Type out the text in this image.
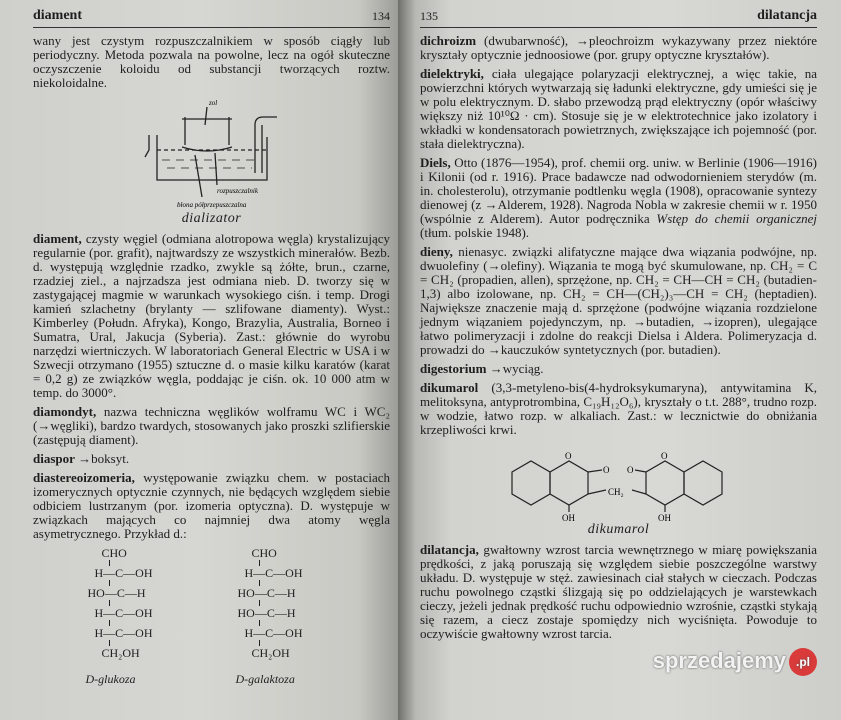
diament	134
wany jest czystym rozpuszczalnikiem w sposób ciągły lub periodyczny. Metoda pozwala na powolne, lecz na ogół skuteczne oczyszczenie koloidu od substancji tworzących roztw. niekoloidalne.
zol
rozpuszczalnik
błona półprzepuszczalna
dializator
diament, czysty węgiel (odmiana alotropowa węgla) krystalizujący regularnie (por. grafit), najtwardszy ze wszystkich minerałów. Bezb. d. występują względnie rzadko, zwykle są żółte, brun., czarne, rzadziej ziel., a najrzadsza jest odmiana nieb. D. tworzy się w zastygającej magmie w warunkach wysokiego ciśn. i temp. Drogi kamień szlachetny (brylanty — szlifowane diamenty). Wyst.: Kimberley (Połudn. Afryka), Kongo, Brazylia, Australia, Borneo i Sumatra, Ural, Jakucja (Syberia). Zast.: głównie do wyrobu narzędzi wiertniczych. W laboratoriach General Electric w USA i w Szwecji otrzymano (1955) sztuczne d. o masie kilku karatów (karat = 0,2 g) ze związków węgla, poddając je ciśn. ok. 10 000 atm w temp. do 3000°.
diamondyt, nazwa techniczna węglików wolframu WC i WC₂ (→węgliki), bardzo twardych, stosowanych jako proszki szlifierskie (zastępują diament).
diaspor →boksyt.
diastereoizomeria, występowanie związku chem. w postaciach izomerycznych optycznie czynnych, nie będących względem siebie odbiciem lustrzanym (por. izomeria optyczna). D. występuje w związkach mających co najmniej dwa atomy węgla asymetrycznego. Przykład d.:
CHO
H—C—OH
HO—C—H
H—C—OH
H—C—OH
CH₂OH
D-glukoza
CHO
H—C—OH
HO—C—H
HO—C—H
H—C—OH
CH₂OH
D-galaktoza
135	dilatancja
dichroizm (dwubarwność), →pleochroizm wykazywany przez niektóre kryształy optycznie jednoosiowe (por. grupy optyczne kryształów).
dielektryki, ciała ulegające polaryzacji elektrycznej, a więc takie, na powierzchni których wytwarzają się ładunki elektryczne, gdy umieści się je w polu elektrycznym. D. słabo przewodzą prąd elektryczny (opór właściwy większy niż 10¹⁰Ω · cm). Stosuje się je w elektrotechnice jako izolatory i wkładki w kondensatorach powietrznych, zwiększające ich pojemność (por. stała dielektryczna).
Diels, Otto (1876—1954), prof. chemii org. uniw. w Berlinie (1906—1916) i Kilonii (od r. 1916). Prace badawcze nad odwodornieniem sterydów (m. in. cholesterolu), otrzymanie podtlenku węgla (1908), opracowanie syntezy dienowej (z →Alderem, 1928). Nagroda Nobla w zakresie chemii w r. 1950 (wspólnie z Alderem). Autor podręcznika Wstęp do chemii organicznej (tłum. polskie 1948).
dieny, nienasyc. związki alifatyczne mające dwa wiązania podwójne, np. dwuolefiny (→olefiny). Wiązania te mogą być skumulowane, np. CH₂ = C = CH₂ (propadien, allen), sprzężone, np. CH₂ = CH—CH = CH₂ (butadien-1,3) albo izolowane, np. CH₂ = CH—(CH₂)₃—CH = CH₂ (heptadien). Największe znaczenie mają d. sprzężone (podwójne wiązania rozdzielone jednym wiązaniem pojedynczym, np. →butadien, →izopren), ulegające łatwo polimeryzacji i zdolne do reakcji Dielsa i Aldera. Polimeryzacja d. prowadzi do →kauczuków syntetycznych (por. butadien).
digestorium →wyciąg.
dikumarol (3,3-metyleno-bis(4-hydroksykumaryna), antywitamina K, melitoksyna, antyprotrombina, C₁₉H₁₂O₆), kryształy o t.t. 288°, trudno rozp. w wodzie, łatwo rozp. w alkaliach. Zast.: w lecznictwie do obniżania krzepliwości krwi.
O
O
O
O
CH₂
OH	OH
dikumarol
dilatancja, gwałtowny wzrost tarcia wewnętrznego w miarę powiększania prędkości, z jaką poruszają się względem siebie poszczególne warstwy układu. D. występuje w stęż. zawiesinach ciał stałych w cieczach. Podczas ruchu powolnego cząstki ślizgają się po oddzielających je warstewkach cieczy, jeżeli jednak prędkość ruchu odpowiednio wzrośnie, cząstki stykają się razem, a ciecz zostaje spomiędzy nich wyciśnięta. Powoduje to oczywiście gwałtowny wzrost tarcia.
sprzedajemy .pl
